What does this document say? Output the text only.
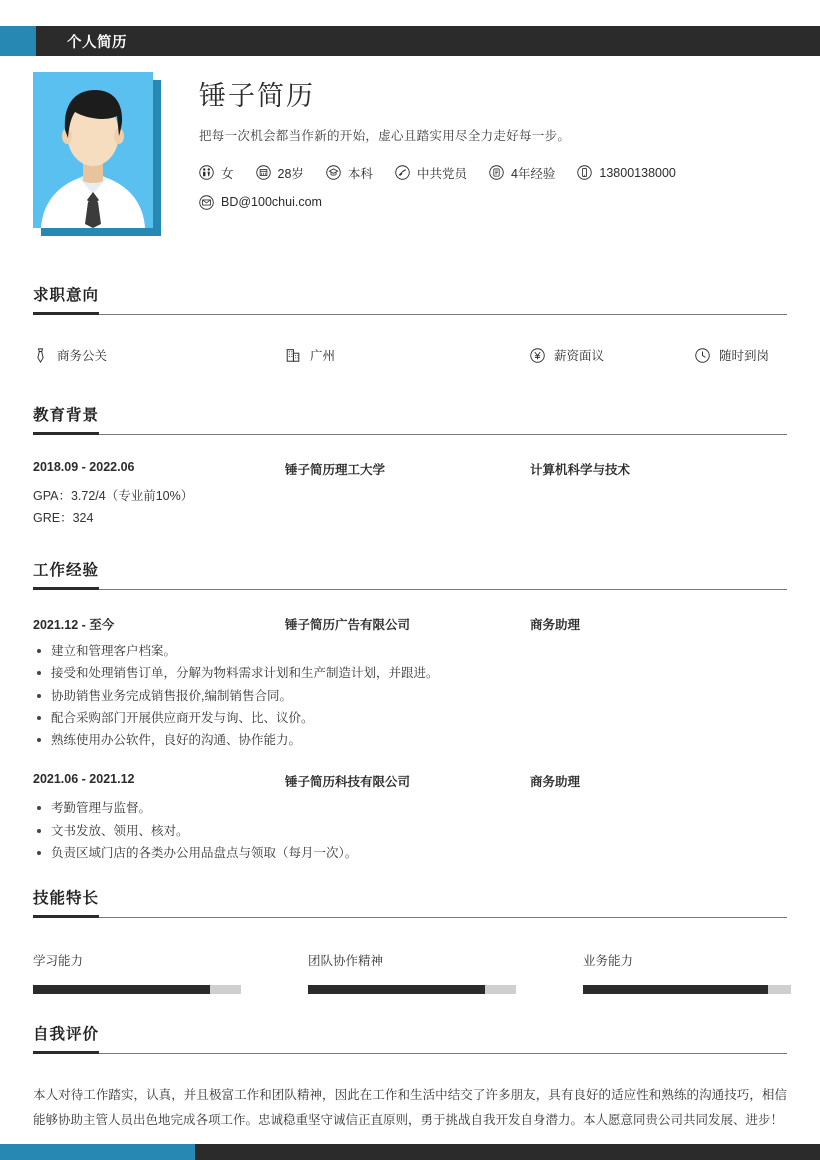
个人简历
锤子简历
把每一次机会都当作新的开始，虚心且踏实用尽全力走好每一步。
女	28岁	本科	中共党员	4年经验	13800138000
BD@100chui.com
求职意向
商务公关	广州	薪资面议	随时到岗
教育背景
2018.09 - 2022.06	锤子简历理工大学	计算机科学与技术
GPA：3.72/4（专业前10%）
GRE：324
工作经验
2021.12 - 至今	锤子简历广告有限公司	商务助理
建立和管理客户档案。
接受和处理销售订单，分解为物料需求计划和生产制造计划，并跟进。
协助销售业务完成销售报价,编制销售合同。
配合采购部门开展供应商开发与询、比、议价。
熟练使用办公软件，良好的沟通、协作能力。
2021.06 - 2021.12	锤子简历科技有限公司	商务助理
考勤管理与监督。
文书发放、领用、核对。
负责区域门店的各类办公用品盘点与领取（每月一次）。
技能特长
学习能力	团队协作精神	业务能力
自我评价
本人对待工作踏实，认真，并且极富工作和团队精神，因此在工作和生活中结交了许多朋友，具有良好的适应性和熟练的沟通技巧，相信能够协助主管人员出色地完成各项工作。忠诚稳重坚守诚信正直原则，勇于挑战自我开发自身潜力。本人愿意同贵公司共同发展、进步！
